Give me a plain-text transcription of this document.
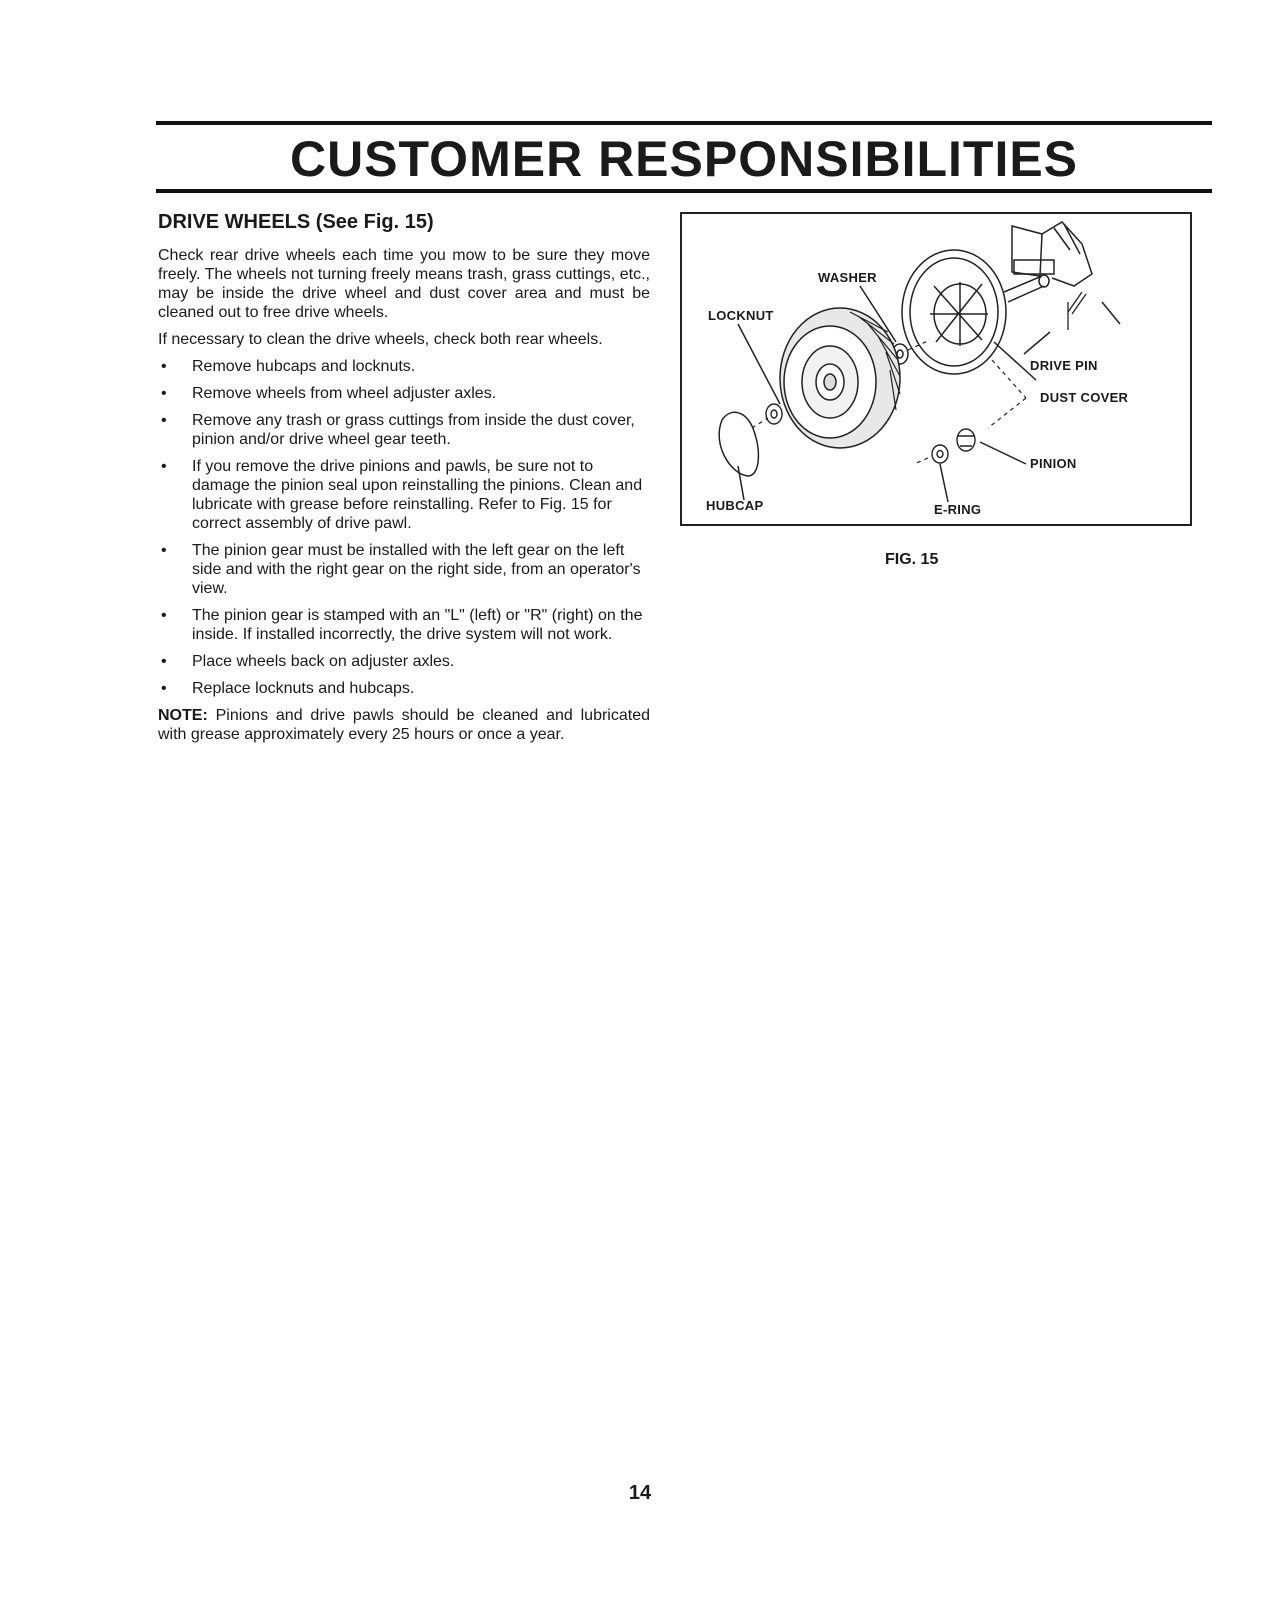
CUSTOMER RESPONSIBILITIES
DRIVE WHEELS (See Fig. 15)

Check rear drive wheels each time you mow to be sure they move freely. The wheels not turning freely means trash, grass cuttings, etc., may be inside the drive wheel and dust cover area and must be cleaned out to free drive wheels.

If necessary to clean the drive wheels, check both rear wheels.

• Remove hubcaps and locknuts.
• Remove wheels from wheel adjuster axles.
• Remove any trash or grass cuttings from inside the dust cover, pinion and/or drive wheel gear teeth.
• If you remove the drive pinions and pawls, be sure not to damage the pinion seal upon reinstalling the pinions. Clean and lubricate with grease before reinstalling. Refer to Fig. 15 for correct assembly of drive pawl.
• The pinion gear must be installed with the left gear on the left side and with the right gear on the right side, from an operator's view.
• The pinion gear is stamped with an "L" (left) or "R" (right) on the inside. If installed incorrectly, the drive system will not work.
• Place wheels back on adjuster axles.
• Replace locknuts and hubcaps.

NOTE: Pinions and drive pawls should be cleaned and lubricated with grease approximately every 25 hours or once a year.

WASHER
LOCKNUT
DRIVE PIN
DUST COVER
PINION
HUBCAP	E-RING
FIG. 15
14
